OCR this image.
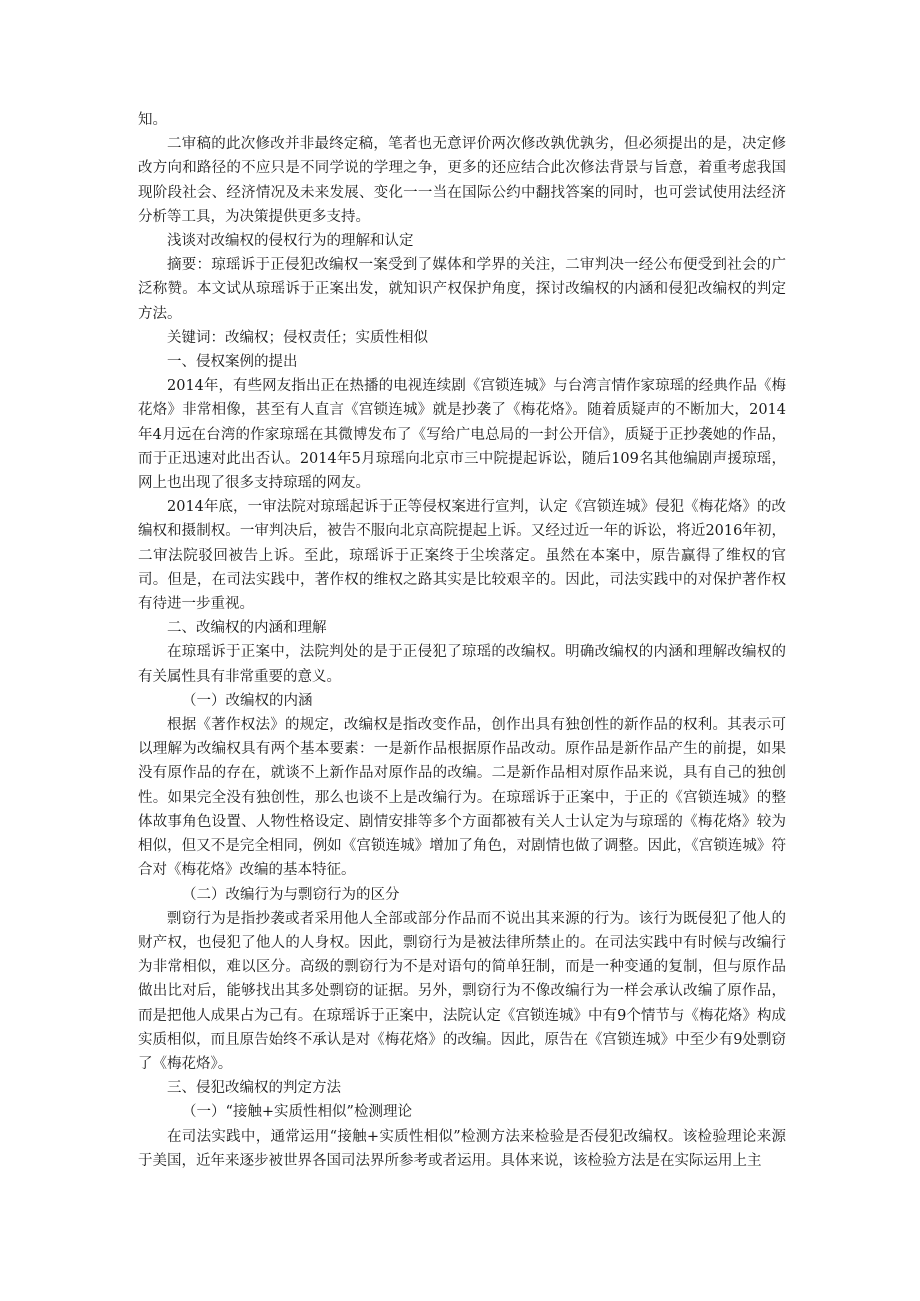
知。

二审稿的此次修改并非最终定稿，笔者也无意评价两次修改孰优孰劣，但必须提出的是，决定修改方向和路径的不应只是不同学说的学理之争，更多的还应结合此次修法背景与旨意，着重考虑我国现阶段社会、经济情况及未来发展、变化一一当在国际公约中翻找答案的同时，也可尝试使用法经济分析等工具，为决策提供更多支持。

浅谈对改编权的侵权行为的理解和认定

摘要：琼瑶诉于正侵犯改编权一案受到了媒体和学界的关注，二审判决一经公布便受到社会的广泛称赞。本文试从琼瑶诉于正案出发，就知识产权保护角度，探讨改编权的内涵和侵犯改编权的判定方法。

关键词：改编权；侵权责任；实质性相似

一、侵权案例的提出

2014年，有些网友指出正在热播的电视连续剧《宫锁连城》与台湾言情作家琼瑶的经典作品《梅花烙》非常相像，甚至有人直言《宫锁连城》就是抄袭了《梅花烙》。随着质疑声的不断加大，2014年4月远在台湾的作家琼瑶在其微博发布了《写给广电总局的一封公开信》，质疑于正抄袭她的作品，而于正迅速对此出否认。2014年5月琼瑶向北京市三中院提起诉讼，随后109名其他编剧声援琼瑶，网上也出现了很多支持琼瑶的网友。

2014年底，一审法院对琼瑶起诉于正等侵权案进行宣判，认定《宫锁连城》侵犯《梅花烙》的改编权和摄制权。一审判决后，被告不服向北京高院提起上诉。又经过近一年的诉讼，将近2016年初，二审法院驳回被告上诉。至此，琼瑶诉于正案终于尘埃落定。虽然在本案中，原告赢得了维权的官司。但是，在司法实践中，著作权的维权之路其实是比较艰辛的。因此，司法实践中的对保护著作权有待进一步重视。

二、改编权的内涵和理解

在琼瑶诉于正案中，法院判处的是于正侵犯了琼瑶的改编权。明确改编权的内涵和理解改编权的有关属性具有非常重要的意义。

（一）改编权的内涵

根据《著作权法》的规定，改编权是指改变作品，创作出具有独创性的新作品的权利。其表示可以理解为改编权具有两个基本要素：一是新作品根据原作品改动。原作品是新作品产生的前提，如果没有原作品的存在，就谈不上新作品对原作品的改编。二是新作品相对原作品来说，具有自己的独创性。如果完全没有独创性，那么也谈不上是改编行为。在琼瑶诉于正案中，于正的《宫锁连城》的整体故事角色设置、人物性格设定、剧情安排等多个方面都被有关人士认定为与琼瑶的《梅花烙》较为相似，但又不是完全相同，例如《宫锁连城》增加了角色，对剧情也做了调整。因此，《宫锁连城》符合对《梅花烙》改编的基本特征。

（二）改编行为与剽窃行为的区分

剽窃行为是指抄袭或者采用他人全部或部分作品而不说出其来源的行为。该行为既侵犯了他人的财产权，也侵犯了他人的人身权。因此，剽窃行为是被法律所禁止的。在司法实践中有时候与改编行为非常相似，难以区分。高级的剽窃行为不是对语句的简单狂制，而是一种变通的复制，但与原作品做出比对后，能够找出其多处剽窃的证据。另外，剽窃行为不像改编行为一样会承认改编了原作品，而是把他人成果占为己有。在琼瑶诉于正案中，法院认定《宫锁连城》中有9个情节与《梅花烙》构成实质相似，而且原告始终不承认是对《梅花烙》的改编。因此，原告在《宫锁连城》中至少有9处剽窃了《梅花烙》。

三、侵犯改编权的判定方法

（一）“接触+实质性相似”检测理论

在司法实践中，通常运用“接触+实质性相似”检测方法来检验是否侵犯改编权。该检验理论来源于美国，近年来逐步被世界各国司法界所参考或者运用。具体来说，该检验方法是在实际运用上主
